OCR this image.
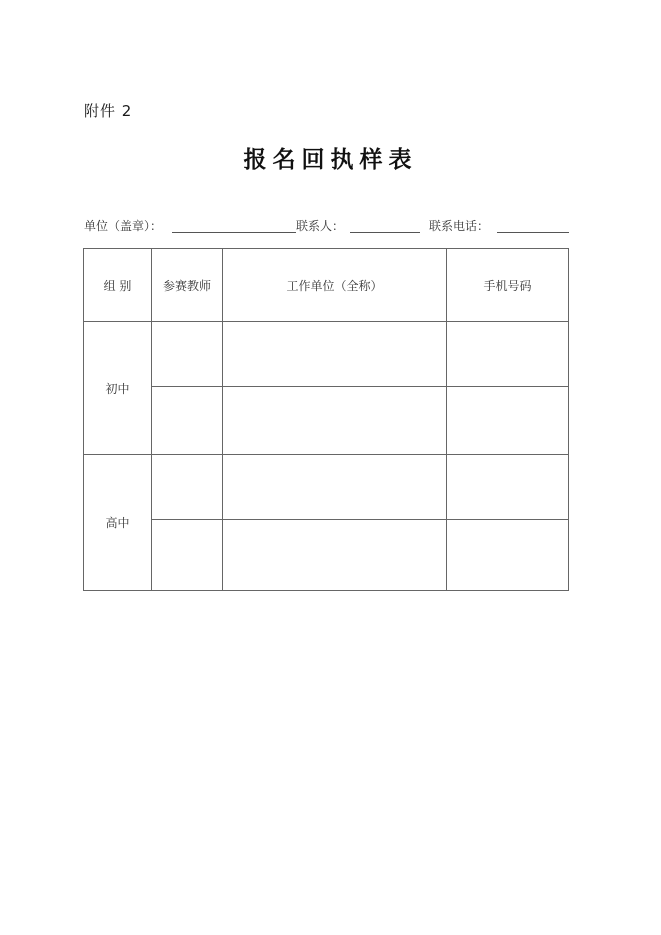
附件 2
报名回执样表
单位（盖章）：	联系人：	联系电话：
组 别	参赛教师	工作单位（全称）	手机号码
初中			

高中			
